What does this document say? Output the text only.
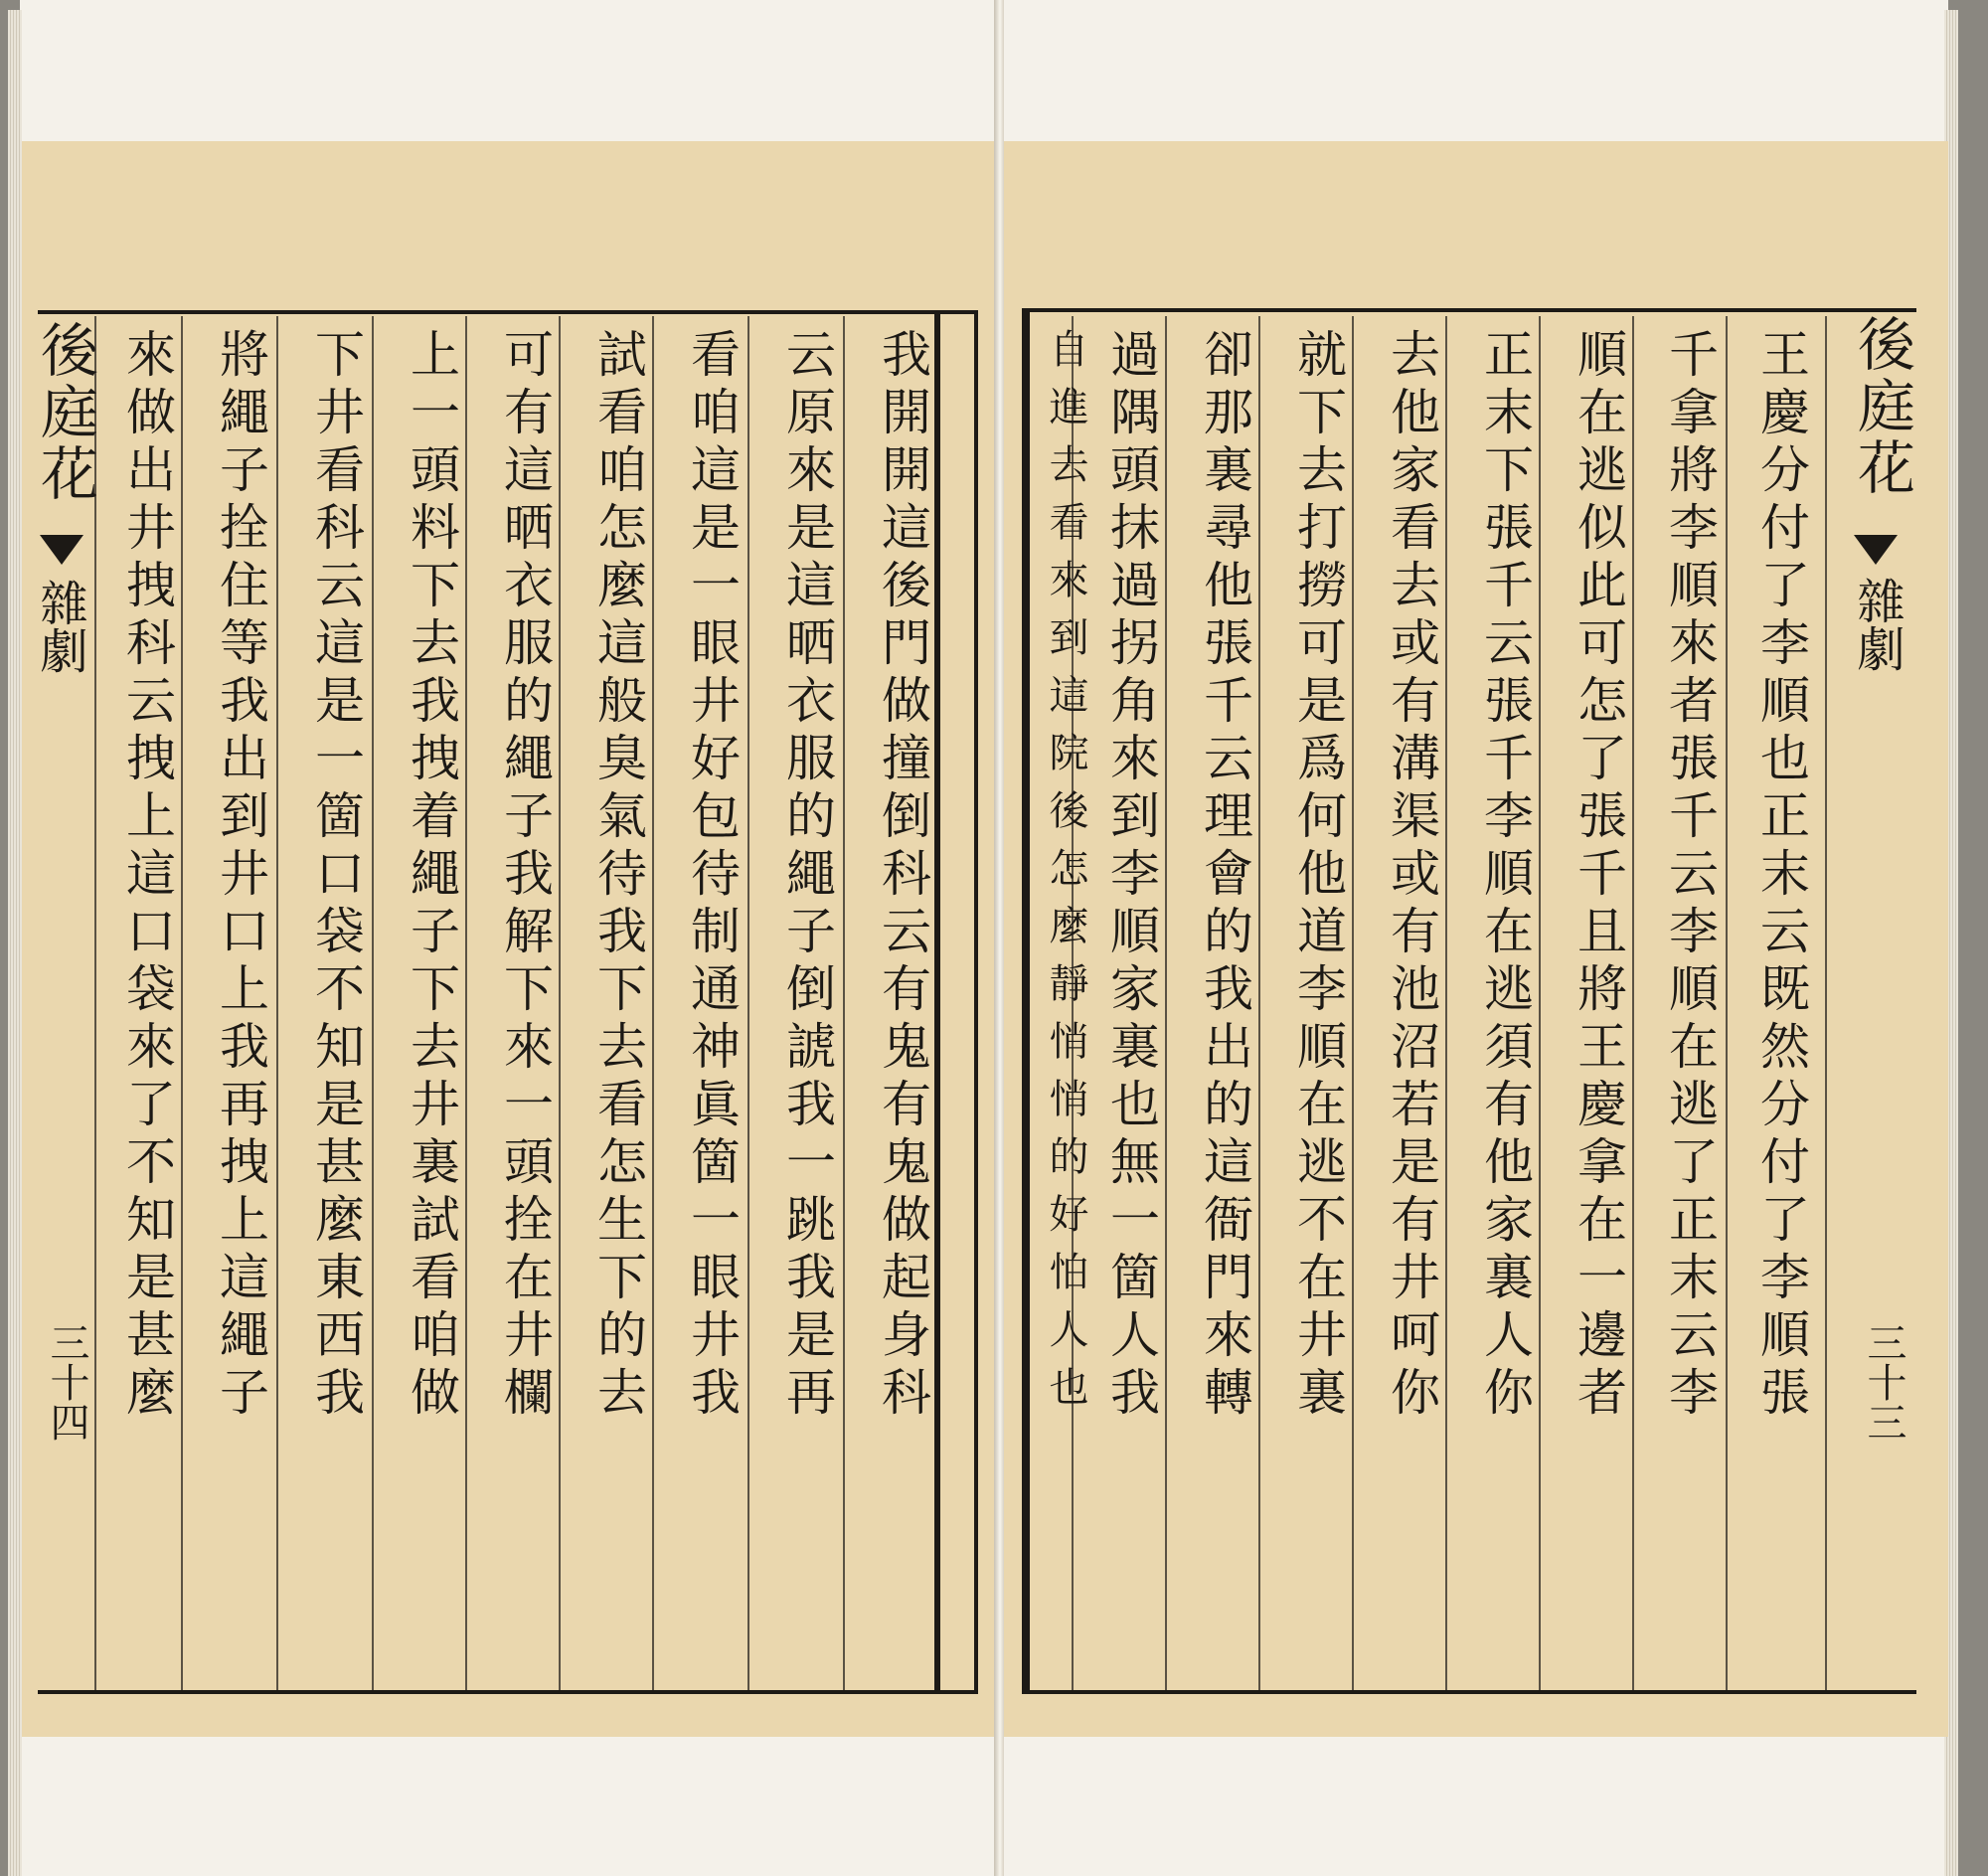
後庭花
雜劇
三十四	我開開這後門做撞倒科云有鬼有鬼做起身科
云原來是這晒衣服的繩子倒諕我一跳我是再
看咱這是一眼井好包待制通神眞箇一眼井我
試看咱怎麼這般臭氣待我下去看怎生下的去
可有這晒衣服的繩子我解下來一頭拴在井欄
上一頭料下去我拽着繩子下去井裏試看咱做
下井看科云這是一箇口袋不知是甚麼東西我
將繩子拴住等我出到井口上我再拽上這繩子
來做出井拽科云拽上這口袋來了不知是甚麼	後庭花
雜劇
三十三
王慶分付了李順也正末云既然分付了李順張
千拿將李順來者張千云李順在逃了正末云李
順在逃似此可怎了張千且將王慶拿在一邊者
正末下張千云張千李順在逃須有他家裏人你
去他家看去或有溝渠或有池沼若是有井呵你
就下去打撈可是爲何他道李順在逃不在井裏
卻那裏尋他張千云理會的我出的這衙門來轉
過隅頭抹過拐角來到李順家裏也無一箇人我
自進去看來到這院後怎麼靜悄悄的好怕人也
